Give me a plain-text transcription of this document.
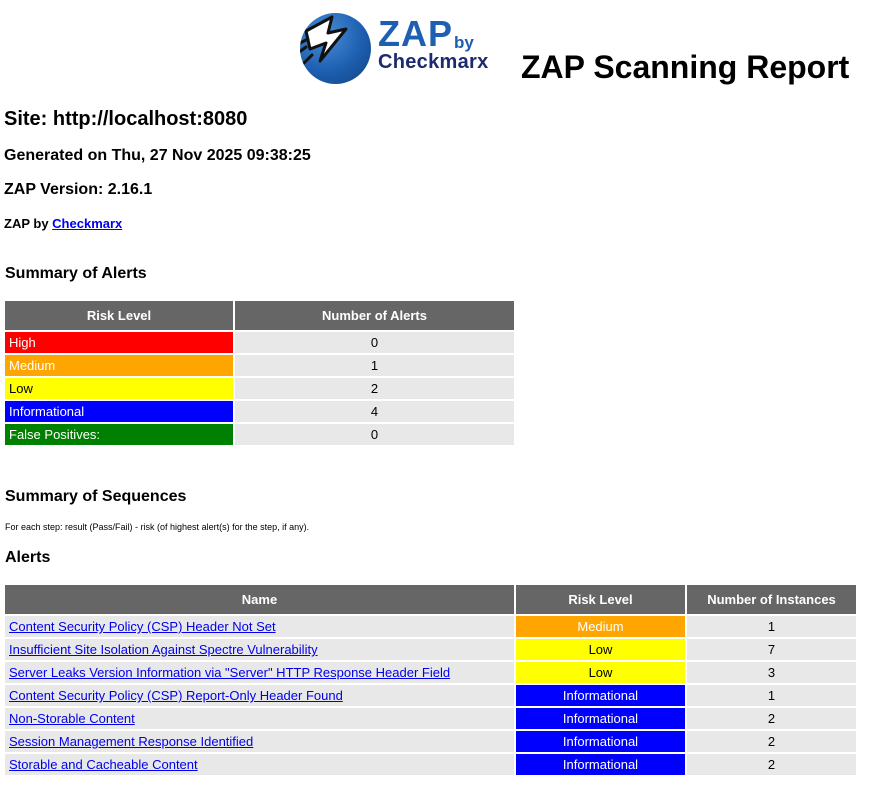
ZAP by
Checkmarx ZAP Scanning Report
Site: http://localhost:8080
Generated on Thu, 27 Nov 2025 09:38:25
ZAP Version: 2.16.1

ZAP by Checkmarx

Summary of Alerts
Risk Level	Number of Alerts
High	0
Medium	1
Low	2
Informational	4
False Positives:	0
Summary of Sequences

For each step: result (Pass/Fail) - risk (of highest alert(s) for the step, if any).

Alerts
Name	Risk Level	Number of Instances
Content Security Policy (CSP) Header Not Set	Medium	1
Insufficient Site Isolation Against Spectre Vulnerability	Low	7
Server Leaks Version Information via "Server" HTTP Response Header Field	Low	3
Content Security Policy (CSP) Report-Only Header Found	Informational	1
Non-Storable Content	Informational	2
Session Management Response Identified	Informational	2
Storable and Cacheable Content	Informational	2
